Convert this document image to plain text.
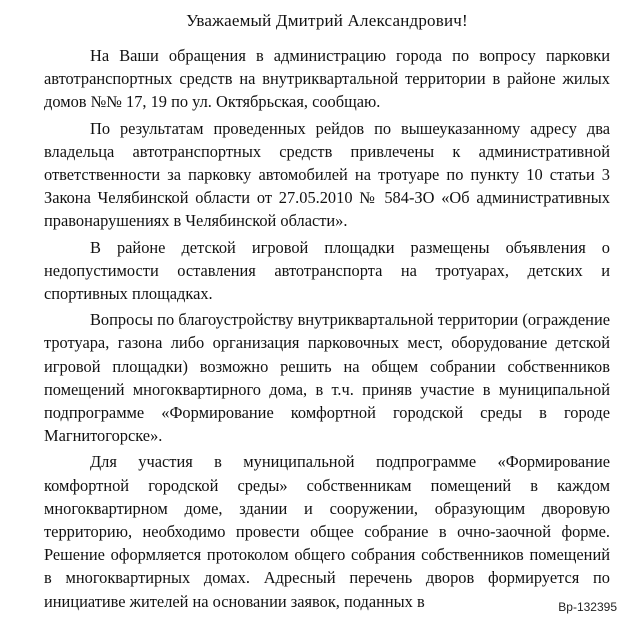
Уважаемый Дмитрий Александрович!

На Ваши обращения в администрацию города по вопросу парковки автотранспортных средств на внутриквартальной территории в районе жилых домов №№ 17, 19 по ул. Октябрьская, сообщаю.

По результатам проведенных рейдов по вышеуказанному адресу два владельца автотранспортных средств привлечены к административной ответственности за парковку автомобилей на тротуаре по пункту 10 статьи 3 Закона Челябинской области от 27.05.2010 № 584-ЗО «Об административных правонарушениях в Челябинской области».

В районе детской игровой площадки размещены объявления о недопустимости оставления автотранспорта на тротуарах, детских и спортивных площадках.

Вопросы по благоустройству внутриквартальной территории (ограждение тротуара, газона либо организация парковочных мест, оборудование детской игровой площадки) возможно решить на общем собрании собственников помещений многоквартирного дома, в т.ч. приняв участие в муниципальной подпрограмме «Формирование комфортной городской среды в городе Магнитогорске».

Для участия в муниципальной подпрограмме «Формирование комфортной городской среды» собственникам помещений в каждом многоквартирном доме, здании и сооружении, образующим дворовую территорию, необходимо провести общее собрание в очно-заочной форме. Решение оформляется протоколом общего собрания собственников помещений в многоквартирных домах. Адресный перечень дворов формируется по инициативе жителей на основании заявок, поданных в	Вр-132395
